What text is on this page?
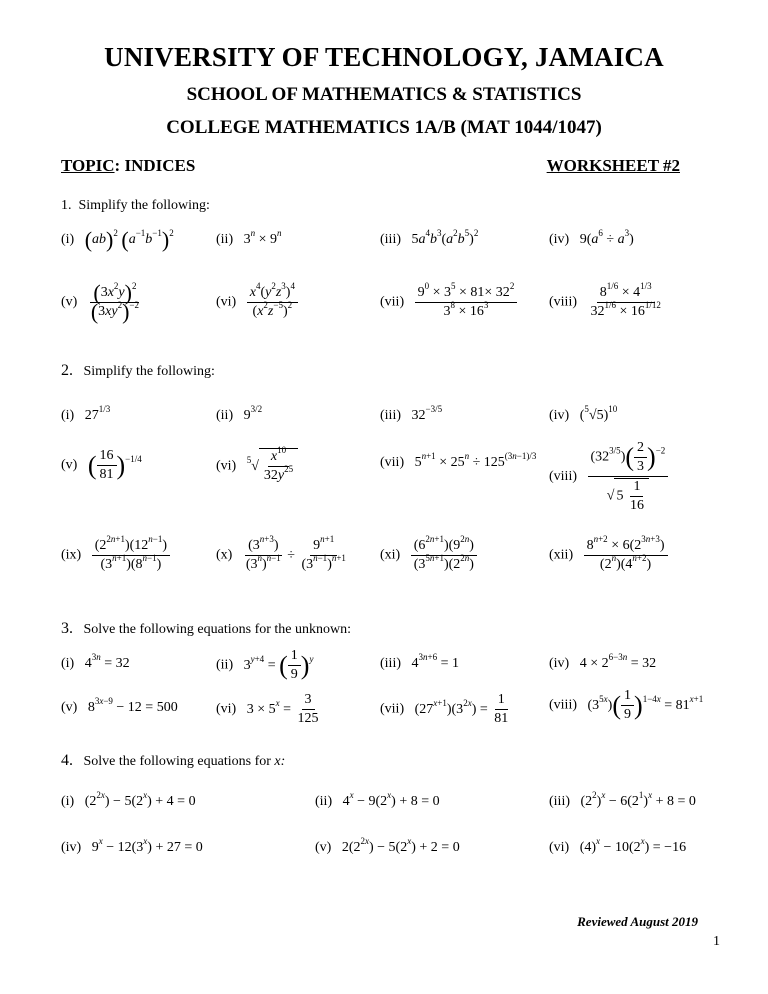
UNIVERSITY OF TECHNOLOGY, JAMAICA
SCHOOL OF MATHEMATICS & STATISTICS
COLLEGE MATHEMATICS 1A/B (MAT 1044/1047)
TOPIC: INDICES	WORKSHEET #2
1. Simplify the following:
(i) (ab)$^2$ $(a^{-1}b^{-1})^2$	(ii) $3^n \times 9^n$	(iii) $5a^4b^3(a^2b^5)^2$	(iv) $9(a^6 \div a^3)$
$(v) \frac{(3x^2y)^2}{(3xy^2)^{-2}}$	$(vi) \frac{x^4(y^2z^3)^4}{(x^2z^{-5})^2}$	$(vii) \frac{9^0 \times 3^5 \times 81\times 32^2}{3^8 \times 16^3}$ (viii) $\frac{8^{1/6} \times 4^{1/3}}{32^{1/6} \times 16^{1/12}}$
2. Simplify the following:
(i) $27^{1/3}$	(ii) $9^{3/2}$	(iii) $32^{-3/5}$	(iv) $(^5√5)^{10}$
(v) ( $\frac{16}{81} )^{-1/4}$	(vi) $^5√ \frac{x^{10}}{32y^{25}}$	(vii) $5^{n+1} \times 25^n \div 125^{(3n-1)/3}$
(viii) $\frac{(32^{3/5})( \frac{2}{3} )^{-2}}{√ 5 \frac{1}{16}}$
$(ix) \frac{(2^{2n+1})(12^{n-1})}{(3^{n+1})(8^{n-1})}$	$(x) \frac{(3^{n+3})}{(3^n)^{n-1}} \div \frac{9^{n+1}}{(3^{n-1})^{n+1}} (xi) \frac{(6^{2n+1})(9^{2n})}{(3^{5n+1})(2^{2n})}$	$(xii) \frac{8^{n+2} \times 6(2^{3n+3})}{(2^n)(4^{n+2})}$
3. Solve the following equations for the unknown:
(i) $4^{3n} = 32$	(ii) $3^{y+4}$ = ( $\frac{1}{9} )^y$	(iii) $4^{3n+6} = 1$	(iv) $4 \times 2^{6-3n} = 32$
(v) $8^{3x-9} - 12 = 500$	(vi) $3 \times 5^x = \frac{3}{125}$	(vii) $(27^{x+1})(3^{2x}) = \frac{1}{81}$	(viii) $(3^{5x})( \frac{1}{9} )^{1-4x} = 81^{x+1}$
4. Solve the following equations for x:
(i) $(2^{2x}) - 5(2^x) + 4 = 0$	(ii) $4^x - 9(2^x) + 8 = 0$	(iii) $(2^2)^x - 6(2^1)^x + 8 = 0$
(iv) $9^x - 12(3^x) + 27 = 0$	(v) $2(2^{2x}) - 5(2^x) + 2 = 0$	(vi) $(4)^x - 10(2^x) = -16$
Reviewed August 2019
1
